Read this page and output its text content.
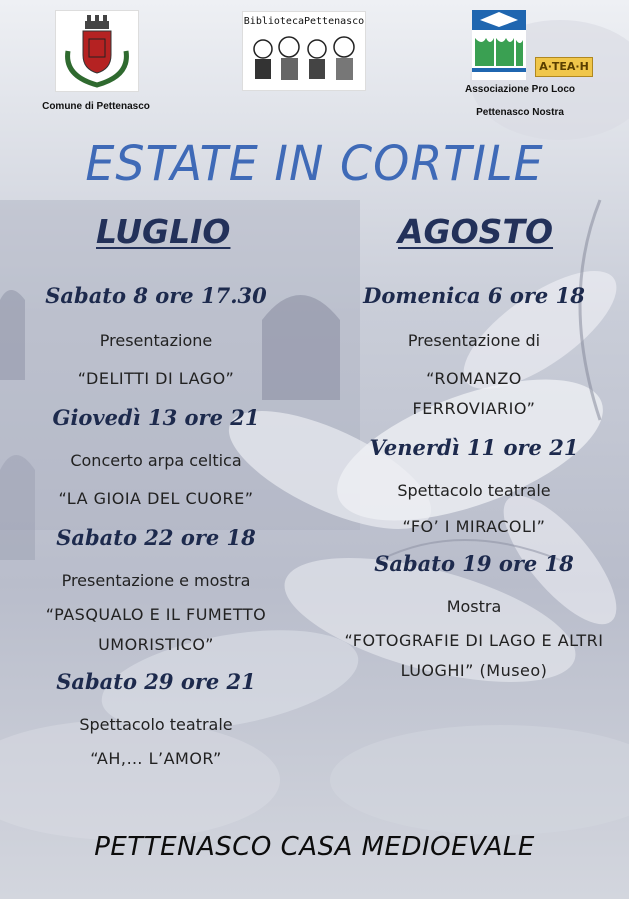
Comune di Pettenasco
BibliotecaPettenasco
A·TEA·H
Associazione Pro Loco
Pettenasco Nostra
ESTATE IN CORTILE
LUGLIO	AGOSTO
Sabato 8 ore 17.30
Presentazione
“DELITTI DI LAGO”
Giovedì 13 ore 21
Concerto arpa celtica
“LA GIOIA DEL CUORE”
Sabato 22 ore 18
Presentazione e mostra
“PASQUALO E IL FUMETTO UMORISTICO”
Sabato 29 ore 21
Spettacolo teatrale
“AH,… L’AMOR”
Domenica 6 ore 18
Presentazione di
“ROMANZO FERROVIARIO”
Venerdì 11 ore 21
Spettacolo teatrale
“FO’ I MIRACOLI”
Sabato 19 ore 18
Mostra
“FOTOGRAFIE DI LAGO E ALTRI LUOGHI” (Museo)
PETTENASCO CASA MEDIOEVALE
